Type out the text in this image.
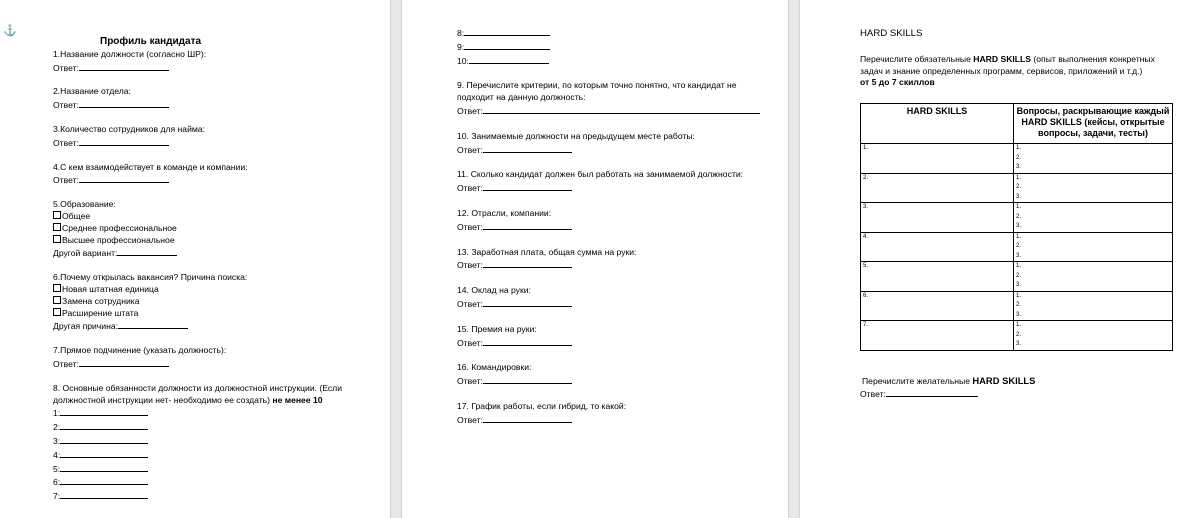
⚓
Профиль кандидата
1.Название должности (согласно ШР):
Ответ:
2.Название отдела:
Ответ:
3.Количество сотрудников для найма:
Ответ:
4.С кем взаимодействует в команде и компании:
Ответ:
5.Образование:
Общее
Среднее профессиональное
Высшее профессиональное
Другой вариант:
6.Почему открылась вакансия? Причина поиска:
Новая штатная единица
Замена сотрудника
Расширение штата
Другая причина:
7.Прямое подчинение (указать должность):
Ответ:
8. Основные обязанности должности из должностной инструкции. (Если
должностной инструкции нет- необходимо ее создать) не менее 10
1:
2:
3:
4:
5:
6:
7:
8:
9:
10:
9. Перечислите критерии, по которым точно понятно, что кандидат не
подходит на данную должность:
Ответ:
10. Занимаемые должности на предыдущем месте работы:
Ответ:
11. Сколько кандидат должен был работать на занимаемой должности:
Ответ:
12. Отрасли, компании:
Ответ:
13. Заработная плата, общая сумма на руки:
Ответ:
14. Оклад на руки:
Ответ:
15. Премия на руки:
Ответ:
16. Командировки:
Ответ:
17. График работы, если гибрид, то какой:
Ответ:
HARD SKILLS
Перечислите обязательные HARD SKILLS (опыт выполнения конкретных
задач и знание определенных программ, сервисов, приложений и т.д.)
от 5 до 7 скиллов
HARD SKILLS	Вопросы, раскрывающие каждый HARD SKILLS (кейсы, открытые вопросы, задачи, тесты)
1.	1.
2.
3.

2.	1.
2.
3.

3.	1.
2.
3.

4.	1.
2.
3.

5.	1.
2.
3.

6.	1.
2.
3.

7.	1.
2.
3.
Перечислите желательные HARD SKILLS
Ответ:
